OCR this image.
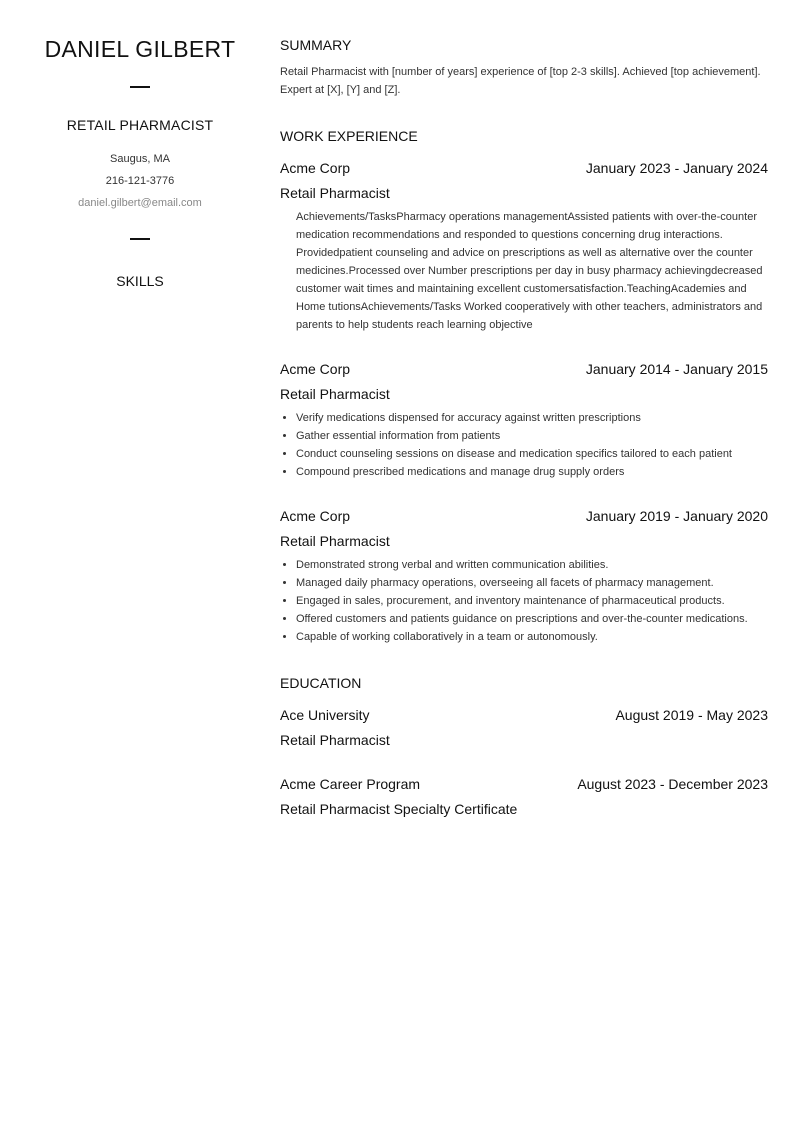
DANIEL GILBERT
RETAIL PHARMACIST
Saugus, MA
216-121-3776
daniel.gilbert@email.com
SKILLS
SUMMARY
Retail Pharmacist with [number of years] experience of [top 2-3 skills]. Achieved [top achievement]. Expert at [X], [Y] and [Z].
WORK EXPERIENCE
Acme Corp	January 2023 - January 2024
Retail Pharmacist
Achievements/TasksPharmacy operations managementAssisted patients with over-the-counter medication recommendations and responded to questions concerning drug interactions. Providedpatient counseling and advice on prescriptions as well as alternative over the counter medicines.Processed over Number prescriptions per day in busy pharmacy achievingdecreased customer wait times and maintaining excellent customersatisfaction.TeachingAcademies and Home tutionsAchievements/Tasks Worked cooperatively with other teachers, administrators and parents to help students reach learning objective
Acme Corp	January 2014 - January 2015
Retail Pharmacist
• Verify medications dispensed for accuracy against written prescriptions
• Gather essential information from patients
• Conduct counseling sessions on disease and medication specifics tailored to each patient
• Compound prescribed medications and manage drug supply orders
Acme Corp	January 2019 - January 2020
Retail Pharmacist
• Demonstrated strong verbal and written communication abilities.
• Managed daily pharmacy operations, overseeing all facets of pharmacy management.
• Engaged in sales, procurement, and inventory maintenance of pharmaceutical products.
• Offered customers and patients guidance on prescriptions and over-the-counter medications.
• Capable of working collaboratively in a team or autonomously.
EDUCATION
Ace University	August 2019 - May 2023
Retail Pharmacist
Acme Career Program	August 2023 - December 2023
Retail Pharmacist Specialty Certificate
